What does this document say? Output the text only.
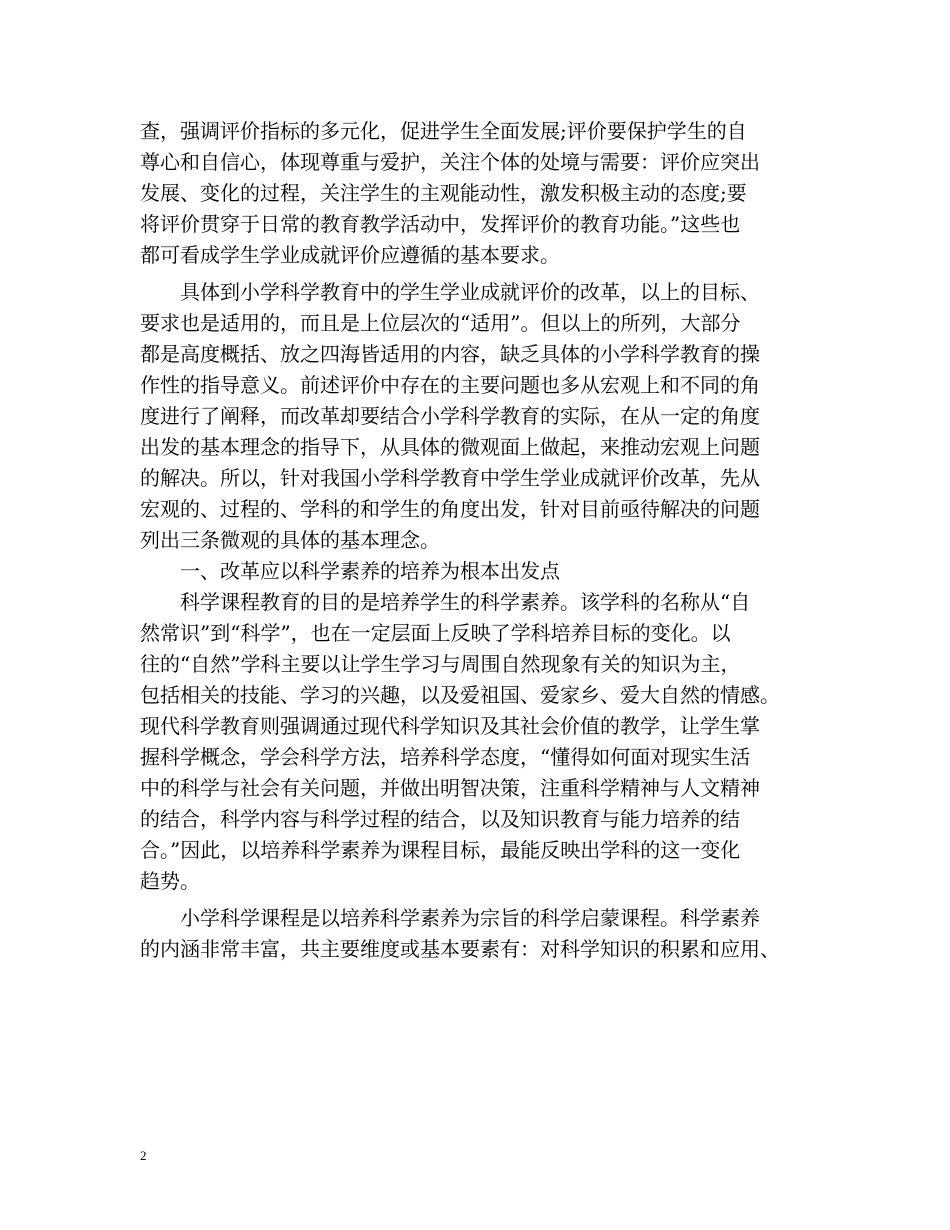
查，强调评价指标的多元化，促进学生全面发展;评价要保护学生的自
尊心和自信心，体现尊重与爱护，关注个体的处境与需要：评价应突出
发展、变化的过程，关注学生的主观能动性，激发积极主动的态度;要
将评价贯穿于日常的教育教学活动中，发挥评价的教育功能。”这些也
都可看成学生学业成就评价应遵循的基本要求。
具体到小学科学教育中的学生学业成就评价的改革，以上的目标、
要求也是适用的，而且是上位层次的“适用”。但以上的所列，大部分
都是高度概括、放之四海皆适用的内容，缺乏具体的小学科学教育的操
作性的指导意义。前述评价中存在的主要问题也多从宏观上和不同的角
度进行了阐释，而改革却要结合小学科学教育的实际，在从一定的角度
出发的基本理念的指导下，从具体的微观面上做起，来推动宏观上问题
的解决。所以，针对我国小学科学教育中学生学业成就评价改革，先从
宏观的、过程的、学科的和学生的角度出发，针对目前亟待解决的问题
列出三条微观的具体的基本理念。
一、改革应以科学素养的培养为根本出发点
科学课程教育的目的是培养学生的科学素养。该学科的名称从“自
然常识”到“科学”，也在一定层面上反映了学科培养目标的变化。以
往的“自然”学科主要以让学生学习与周围自然现象有关的知识为主，
包括相关的技能、学习的兴趣，以及爱祖国、爱家乡、爱大自然的情感。
现代科学教育则强调通过现代科学知识及其社会价值的教学，让学生掌
握科学概念，学会科学方法，培养科学态度，“懂得如何面对现实生活
中的科学与社会有关问题，并做出明智决策，注重科学精神与人文精神
的结合，科学内容与科学过程的结合，以及知识教育与能力培养的结
合。”因此，以培养科学素养为课程目标，最能反映出学科的这一变化
趋势。
小学科学课程是以培养科学素养为宗旨的科学启蒙课程。科学素养
的内涵非常丰富，共主要维度或基本要素有：对科学知识的积累和应用、
2
